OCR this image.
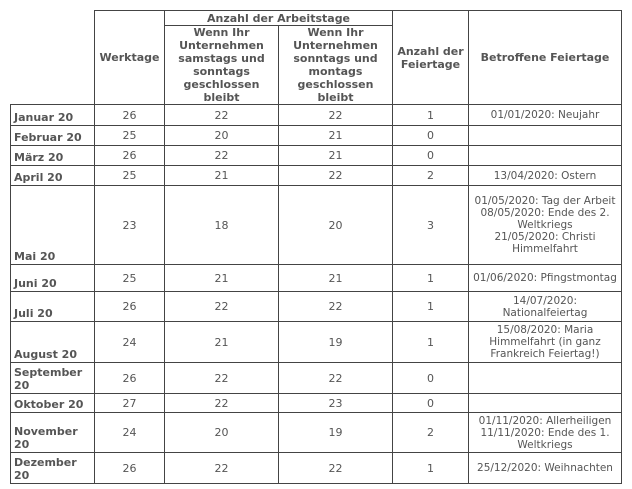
	Werktage	Anzahl der Arbeitstage		Anzahl der Feiertage	Betroffene Feiertage
		Wenn Ihr Unternehmen samstags und sonntags geschlossen bleibt	Wenn Ihr Unternehmen sonntags und montags geschlossen bleibt		
Januar 20	26	22	22	1	01/01/2020: Neujahr

Februar 20	25	20	21	0	
März 20	26	22	21	0	
April 20	25	21	22	2	13/04/2020: Ostern

Mai 20	23	18	20	3	01/05/2020: Tag der Arbeit
08/05/2020: Ende des 2. Weltkriegs
21/05/2020: Christi Himmelfahrt

Juni 20	25	21	21	1	01/06/2020: Pfingstmontag

Juli 20	26	22	22	1	14/07/2020: Nationalfeiertag

August 20	24	21	19	1	15/08/2020: Maria Himmelfahrt (in ganz Frankreich Feiertag!)

September 20	26	22	22	0	
Oktober 20	27	22	23	0	
November 20	24	20	19	2	01/11/2020: Allerheiligen
11/11/2020: Ende des 1. Weltkriegs

Dezember 20	26	22	22	1	25/12/2020: Weihnachten
